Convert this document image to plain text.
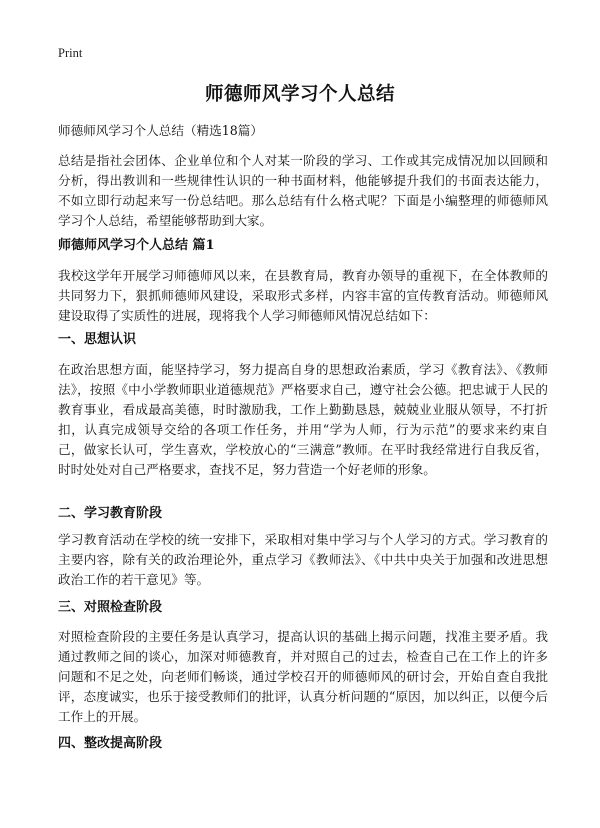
Print
师德师风学习个人总结

师德师风学习个人总结（精选18篇）

总结是指社会团体、企业单位和个人对某一阶段的学习、工作或其完成情况加以回顾和分析，得出教训和一些规律性认识的一种书面材料，他能够提升我们的书面表达能力，不如立即行动起来写一份总结吧。那么总结有什么格式呢？下面是小编整理的师德师风学习个人总结，希望能够帮助到大家。

师德师风学习个人总结 篇1

我校这学年开展学习师德师风以来，在县教育局，教育办领导的重视下，在全体教师的共同努力下，狠抓师德师风建设，采取形式多样，内容丰富的宣传教育活动。师德师风建设取得了实质性的进展，现将我个人学习师德师风情况总结如下：

一、思想认识

在政治思想方面，能坚持学习，努力提高自身的思想政治素质，学习《教育法》、《教师法》，按照《中小学教师职业道德规范》严格要求自己，遵守社会公德。把忠诚于人民的教育事业，看成最高美德，时时激励我，工作上勤勤恳恳，兢兢业业服从领导，不打折扣，认真完成领导交给的各项工作任务，并用“学为人师，行为示范”的要求来约束自己，做家长认可，学生喜欢，学校放心的“三满意”教师。在平时我经常进行自我反省，时时处处对自己严格要求，查找不足，努力营造一个好老师的形象。

二、学习教育阶段

学习教育活动在学校的统一安排下，采取相对集中学习与个人学习的方式。学习教育的主要内容，除有关的政治理论外，重点学习《教师法》、《中共中央关于加强和改进思想政治工作的若干意见》等。

三、对照检查阶段

对照检查阶段的主要任务是认真学习，提高认识的基础上揭示问题，找准主要矛盾。我通过教师之间的谈心，加深对师德教育，并对照自己的过去，检查自己在工作上的许多问题和不足之处，向老师们畅谈，通过学校召开的师德师风的研讨会，开始自查自我批评，态度诚实，也乐于接受教师们的批评，认真分析问题的“原因，加以纠正，以便今后工作上的开展。

四、整改提高阶段
